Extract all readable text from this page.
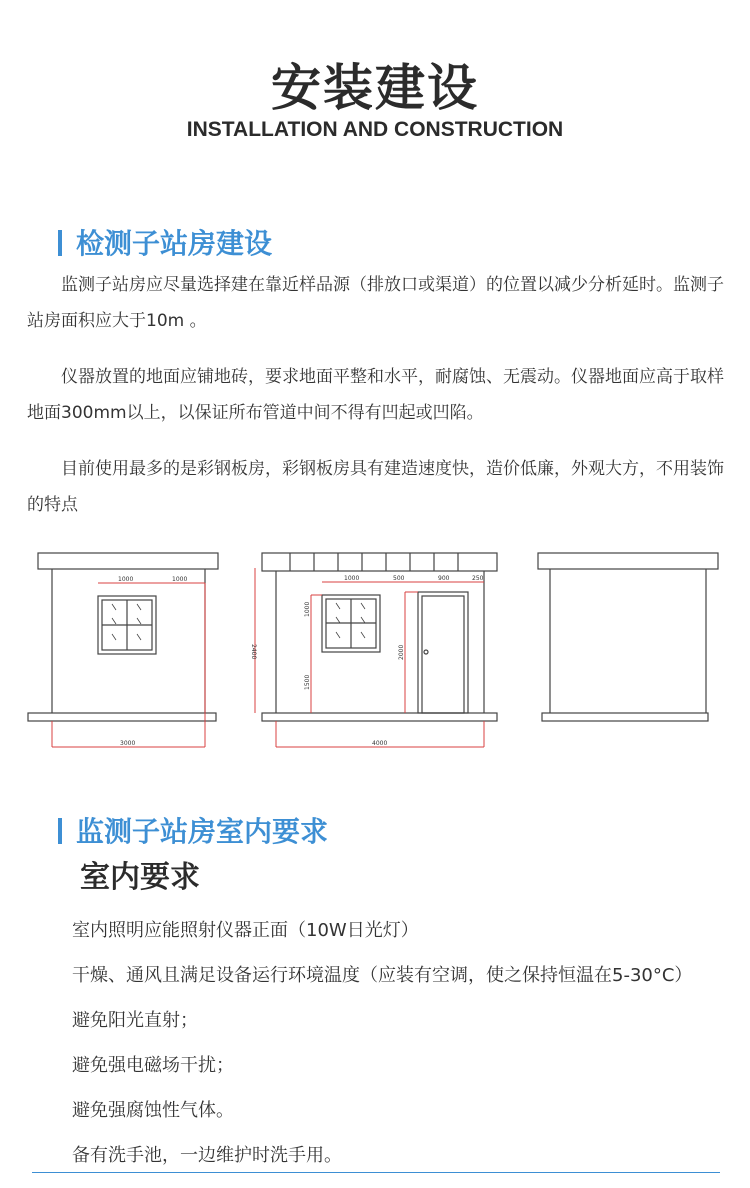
安装建设
INSTALLATION AND CONSTRUCTION
检测子站房建设

监测子站房应尽量选择建在靠近样品源（排放口或渠道）的位置以减少分析延时。监测子站房面积应大于10m 。

仪器放置的地面应铺地砖，要求地面平整和水平，耐腐蚀、无震动。仪器地面应高于取样地面300mm以上，以保证所布管道中间不得有凹起或凹陷。

目前使用最多的是彩钢板房，彩钢板房具有建造速度快，造价低廉，外观大方，不用装饰的特点

1000	1000
3000
1000	500	900	250
2400
1000
1500
2000
4000
监测子站房室内要求
室内要求
室内照明应能照射仪器正面（10W日光灯）
干燥、通风且满足设备运行环境温度（应装有空调，使之保持恒温在5-30°C）
避免阳光直射；
避免强电磁场干扰；
避免强腐蚀性气体。
备有洗手池，一边维护时洗手用。
